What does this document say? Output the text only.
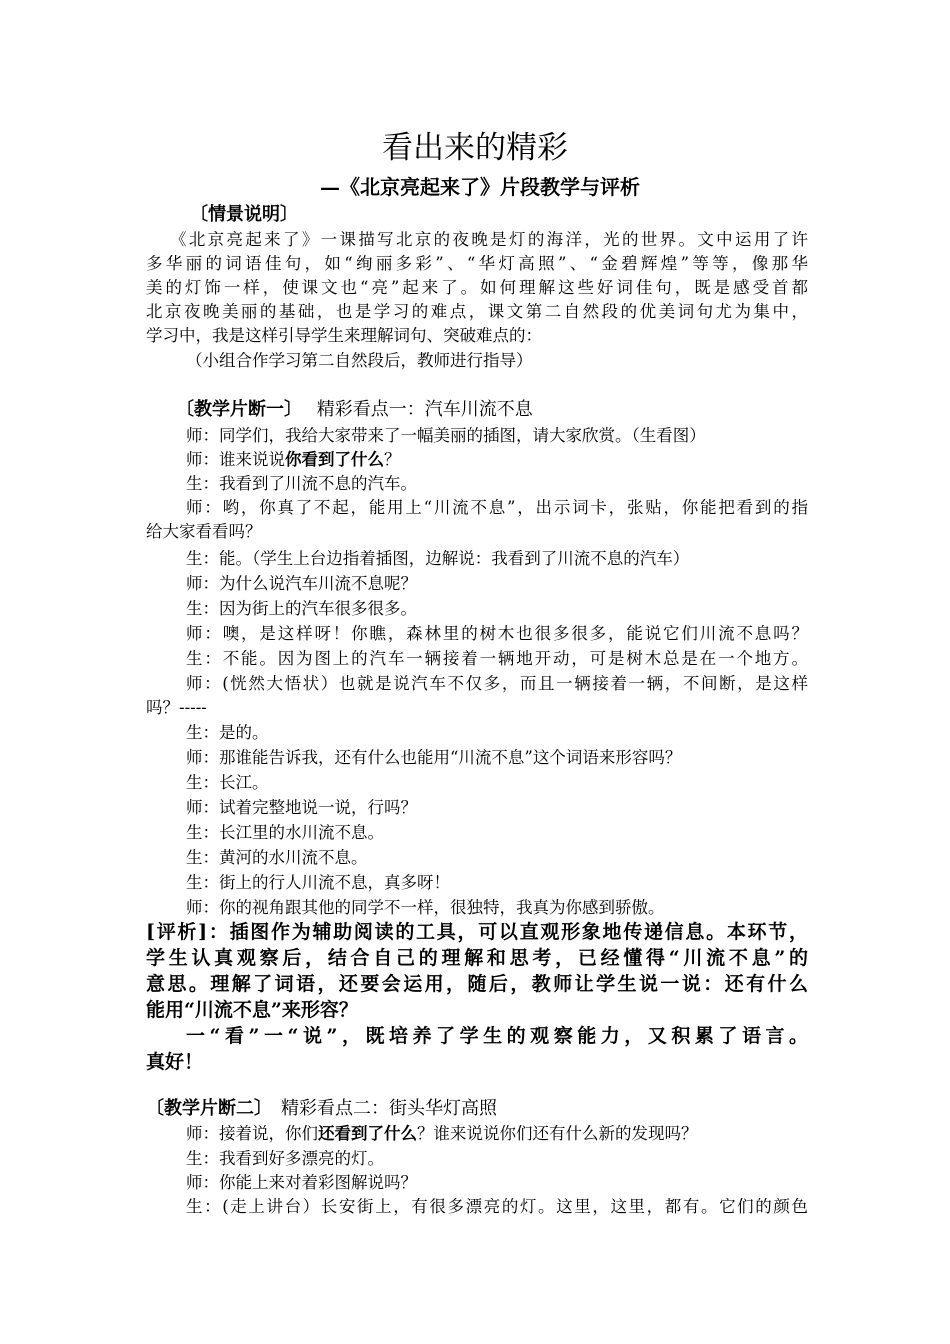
看出来的精彩
—《北京亮起来了》片段教学与评析
〔情景说明〕
《北京亮起来了》一课描写北京的夜晚是灯的海洋，光的世界。文中运用了许
多华丽的词语佳句，如“绚丽多彩”、“华灯高照”、“金碧辉煌”等等，像那华
美的灯饰一样，使课文也“亮”起来了。如何理解这些好词佳句，既是感受首都
北京夜晚美丽的基础，也是学习的难点，课文第二自然段的优美词句尤为集中，
学习中，我是这样引导学生来理解词句、突破难点的：
（小组合作学习第二自然段后，教师进行指导）
〔教学片断一〕　 精彩看点一：汽车川流不息
师：同学们，我给大家带来了一幅美丽的插图，请大家欣赏。（生看图）
师：谁来说说你看到了什么？
生：我看到了川流不息的汽车。
师：哟，你真了不起，能用上“川流不息”，出示词卡，张贴，你能把看到的指
给大家看看吗？
生：能。（学生上台边指着插图，边解说：我看到了川流不息的汽车）
师：为什么说汽车川流不息呢？
生：因为街上的汽车很多很多。
师：噢，是这样呀！你瞧，森林里的树木也很多很多，能说它们川流不息吗？
生：不能。因为图上的汽车一辆接着一辆地开动，可是树木总是在一个地方。
师：(恍然大悟状）也就是说汽车不仅多，而且一辆接着一辆，不间断，是这样
吗？-----
生：是的。
师：那谁能告诉我，还有什么也能用“川流不息”这个词语来形容吗？
生：长江。
师：试着完整地说一说，行吗？
生：长江里的水川流不息。
生：黄河的水川流不息。
生：街上的行人川流不息，真多呀！
师：你的视角跟其他的同学不一样，很独特，我真为你感到骄傲。
[评析]：插图作为辅助阅读的工具，可以直观形象地传递信息。本环节，
学生认真观察后，结合自己的理解和思考，已经懂得“川流不息”的
意思。理解了词语，还要会运用，随后，教师让学生说一说：还有什么
能用“川流不息”来形容？
一“看”一“说”，既培养了学生的观察能力，又积累了语言。
真好！
〔教学片断二〕　精彩看点二：街头华灯高照
师：接着说，你们还看到了什么？谁来说说你们还有什么新的发现吗？
生：我看到好多漂亮的灯。
师：你能上来对着彩图解说吗？
生：(走上讲台）长安街上，有很多漂亮的灯。这里，这里，都有。它们的颜色
